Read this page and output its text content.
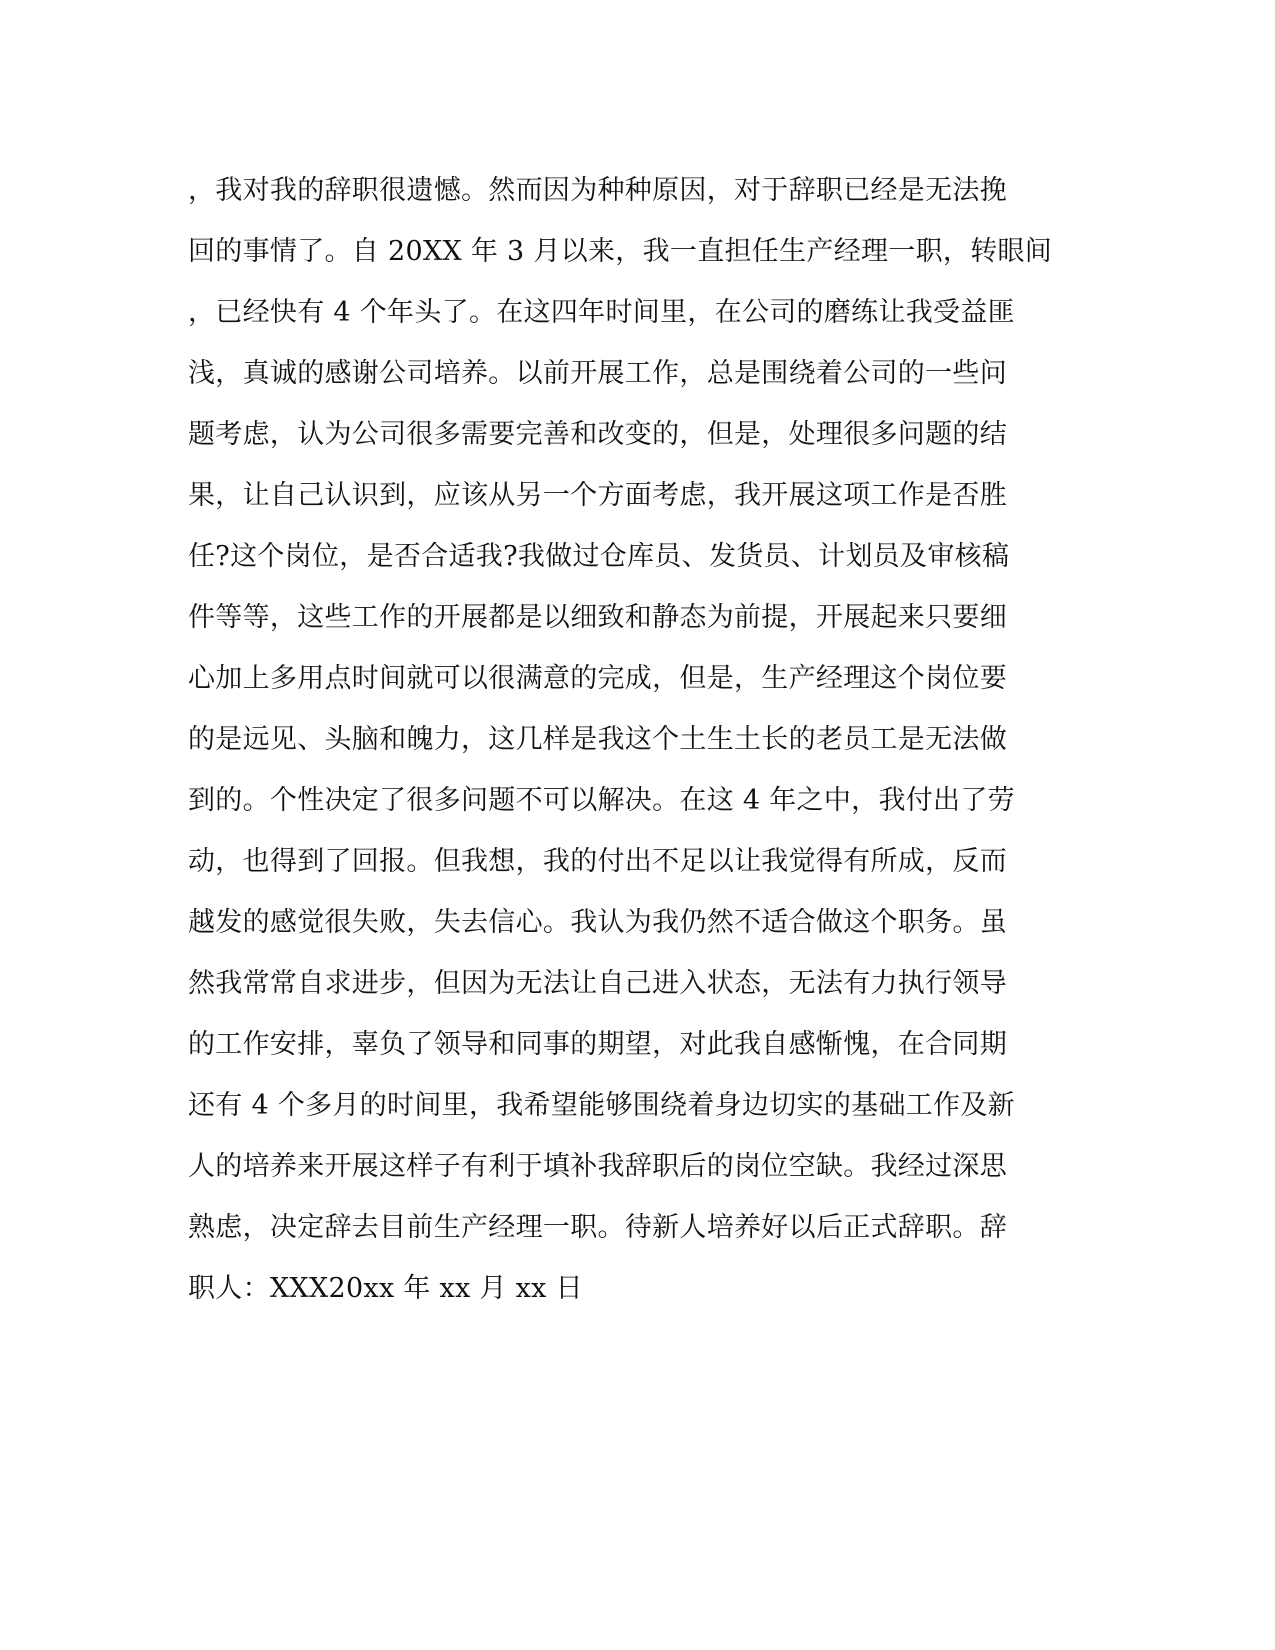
，我对我的辞职很遗憾。然而因为种种原因，对于辞职已经是无法挽
回的事情了。自 20XX 年 3 月以来，我一直担任生产经理一职，转眼间
，已经快有 4 个年头了。在这四年时间里，在公司的磨练让我受益匪
浅，真诚的感谢公司培养。以前开展工作，总是围绕着公司的一些问
题考虑，认为公司很多需要完善和改变的，但是，处理很多问题的结
果，让自己认识到，应该从另一个方面考虑，我开展这项工作是否胜
任?这个岗位，是否合适我?我做过仓库员、发货员、计划员及审核稿
件等等，这些工作的开展都是以细致和静态为前提，开展起来只要细
心加上多用点时间就可以很满意的完成，但是，生产经理这个岗位要
的是远见、头脑和魄力，这几样是我这个土生土长的老员工是无法做
到的。个性决定了很多问题不可以解决。在这 4 年之中，我付出了劳
动，也得到了回报。但我想，我的付出不足以让我觉得有所成，反而
越发的感觉很失败，失去信心。我认为我仍然不适合做这个职务。虽
然我常常自求进步，但因为无法让自己进入状态，无法有力执行领导
的工作安排，辜负了领导和同事的期望，对此我自感惭愧，在合同期
还有 4 个多月的时间里，我希望能够围绕着身边切实的基础工作及新
人的培养来开展这样子有利于填补我辞职后的岗位空缺。我经过深思
熟虑，决定辞去目前生产经理一职。待新人培养好以后正式辞职。辞
职人：XXX20xx 年 xx 月 xx 日
